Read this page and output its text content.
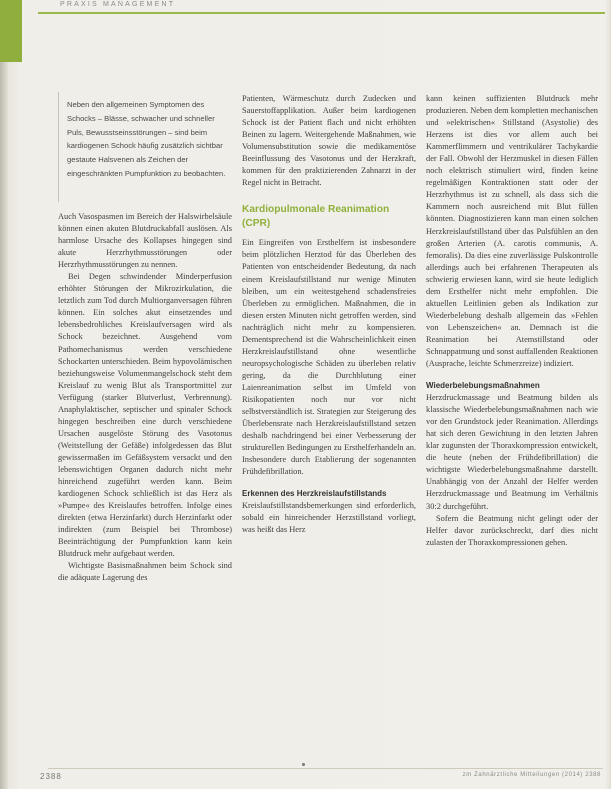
PRAXIS MANAGEMENT

Neben den allgemeinen Symptomen des Schocks – Blässe, schwacher und schneller Puls, Bewusstseinsstörungen – sind beim kardiogenen Schock häufig zusätzlich sichtbar gestaute Halsvenen als Zeichen der eingeschränkten Pumpfunktion zu beobachten.

Auch Vasospasmen im Bereich der Halswirbelsäule können einen akuten Blutdruckabfall auslösen. Als harmlose Ursache des Kollapses hingegen sind akute Herzrhythmusstörungen oder Herzrhythmusstörungen zu nennen.

Bei Degen schwindender Minderperfusion erhöhter Störungen der Mikrozirkulation, die letztlich zum Tod durch Multiorganversagen führen können. Ein solches akut einsetzendes und lebensbedrohliches Kreislaufversagen wird als Schock bezeichnet. Ausgehend vom Pathomechanismus werden verschiedene Schockarten unterschieden. Beim hypovolämischen beziehungsweise Volumenmangelschock steht dem Kreislauf zu wenig Blut als Transportmittel zur Verfügung (starker Blutverlust, Verbrennung). Anaphylaktischer, septischer und spinaler Schock hingegen beschreiben eine durch verschiedene Ursachen ausgelöste Störung des Vasotonus (Weitstellung der Gefäße) infolgedessen das Blut gewissermaßen im Gefäßsystem versackt und den lebenswichtigen Organen dadurch nicht mehr hinreichend zugeführt werden kann. Beim kardiogenen Schock schließlich ist das Herz als »Pumpe« des Kreislaufes betroffen. Infolge eines direkten (etwa Herzinfarkt) durch Herzinfarkt oder indirekten (zum Beispiel bei Thrombose) Beeinträchtigung der Pumpfunktion kann kein Blutdruck mehr aufgebaut werden.

Wichtigste Basismaßnahmen beim Schock sind die adäquate Lagerung des

Patienten, Wärmeschutz durch Zudecken und Sauerstoffapplikation. Außer beim kardiogenen Schock ist der Patient flach und nicht erhöhten Beinen zu lagern. Weitergehende Maßnahmen, wie Volumensubstitution sowie die medikamentöse Beeinflussung des Vasotonus und der Herzkraft, kommen für den praktizierenden Zahnarzt in der Regel nicht in Betracht.

Kardiopulmonale Reanimation (CPR)

Ein Eingreifen von Ersthelfern ist insbesondere beim plötzlichen Herztod für das Überleben des Patienten von entscheidender Bedeutung, da nach einem Kreislaufstillstand nur wenige Minuten bleiben, um ein weitestgehend schadensfreies Überleben zu ermöglichen. Maßnahmen, die in diesen ersten Minuten nicht getroffen werden, sind nachträglich nicht mehr zu kompensieren. Dementsprechend ist die Wahrscheinlichkeit einen Herzkreislaufstillstand ohne wesentliche neuropsychologische Schäden zu überleben relativ gering, da die Durchblutung einer Laienreanimation selbst im Umfeld von Risikopatienten noch nur vor nicht selbstverständlich ist. Strategien zur Steigerung des Überlebensrate nach Herzkreislaufstillstand setzen deshalb nachdringend bei einer Verbesserung der strukturellen Bedingungen zu Ersthelferhandeln an. Insbesondere durch Etablierung der sogenannten Frühdefibrillation.

Erkennen des Herzkreislaufstillstands

Kreislaufstillstandsbemerkungen sind erforderlich, sobald ein hinreichender Herzstillstand vorliegt, was heißt das Herz

kann keinen suffizienten Blutdruck mehr produzieren. Neben dem kompletten mechanischen und »elektrischen« Stillstand (Asystolie) des Herzens ist dies vor allem auch bei Kammerflimmern und ventrikulärer Tachykardie der Fall. Obwohl der Herzmuskel in diesen Fällen noch elektrisch stimuliert wird, finden keine regelmäßigen Kontraktionen statt oder der Herzrhythmus ist zu schnell, als dass sich die Kammern noch ausreichend mit Blut füllen könnten. Diagnostizieren kann man einen solchen Herzkreislaufstillstand über das Pulsfühlen an den großen Arterien (A. carotis communis, A. femoralis). Da dies eine zuverlässige Pulskontrolle allerdings auch bei erfahrenen Therapeuten als schwierig erwiesen kann, wird sie heute lediglich dem Ersthelfer nicht mehr empfohlen. Die aktuellen Leitlinien geben als Indikation zur Wiederbelebung deshalb allgemein das »Fehlen von Lebenszeichen« an. Demnach ist die Reanimation bei Atemstillstand oder Schnappatmung und sonst auffallenden Reaktionen (Ausprache, leichte Schmerzreize) indiziert.

Wiederbelebungsmaßnahmen

Herzdruckmassage und Beatmung bilden als klassische Wiederbelebungsmaßnahmen nach wie vor den Grundstock jeder Reanimation. Allerdings hat sich deren Gewichtung in den letzten Jahren klar zugunsten der Thoraxkompression entwickelt, die heute (neben der Frühdefibrillation) die wichtigste Wiederbelebungsmaßnahme darstellt. Unabhängig von der Anzahl der Helfer werden Herzdruckmassage und Beatmung im Verhältnis 30:2 durchgeführt.

Sofern die Beatmung nicht gelingt oder der Helfer davor zurückschreckt, darf dies nicht zulasten der Thoraxkompressionen gehen.

2388	zm Zahnärztliche Mitteilungen (2014) 2388
